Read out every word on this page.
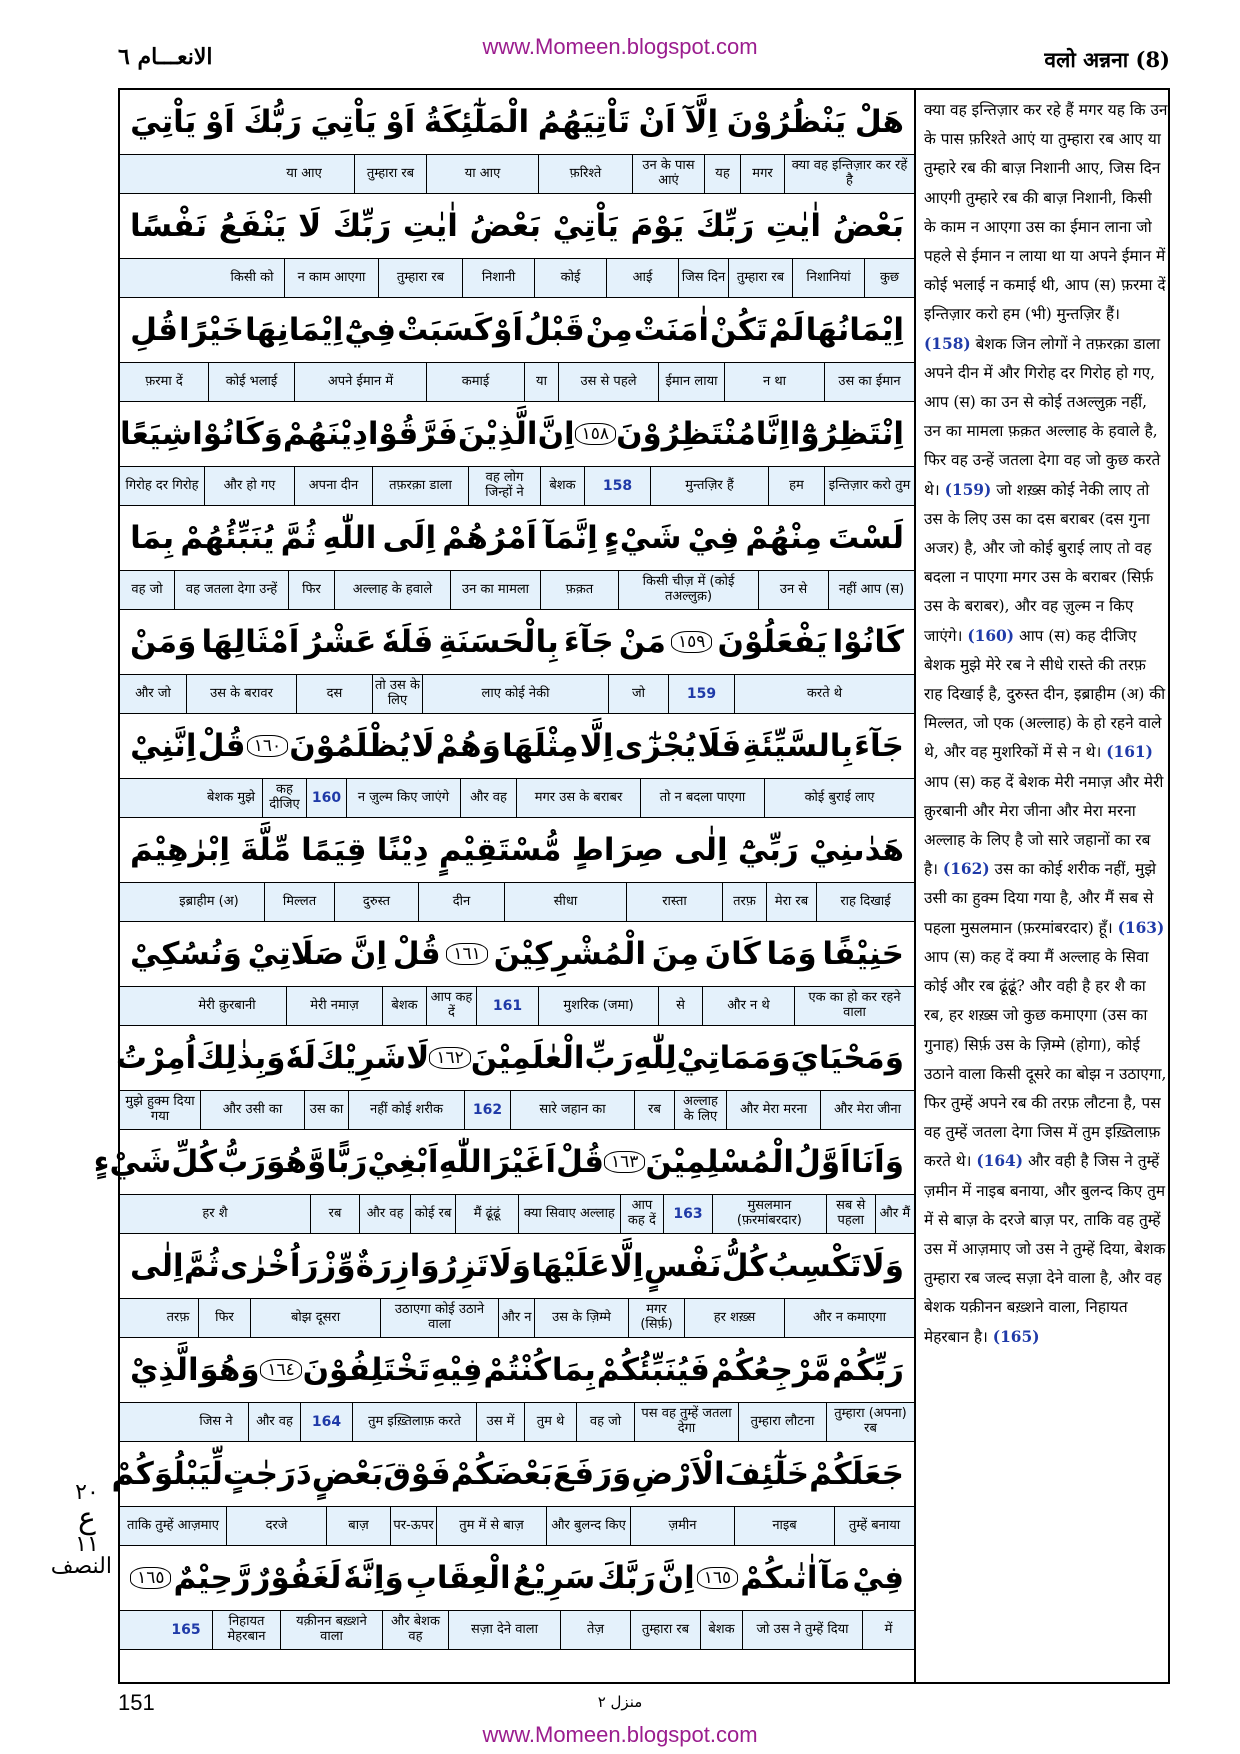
الانعـــام ٦	www.Momeen.blogspot.com
वलो अन्नना (8)
هَلْ
يَنْظُرُوْنَ
اِلَّآ
اَنْ
تَاْتِيَهُمُ
الْمَلٰٓئِكَةُ
اَوْ
يَاْتِيَ
رَبُّكَ
اَوْ
يَاْتِيَ
क्या वह इन्तिज़ार कर रहें है
मगर
यह
उन के पास आएं
फ़रिश्ते
या आए
तुम्हारा रब
या आए
بَعْضُ
اٰيٰتِ
رَبِّكَ
يَوْمَ
يَاْتِيْ
بَعْضُ
اٰيٰتِ
رَبِّكَ
لَا
يَنْفَعُ
نَفْسًا
कुछ
निशानियां
तुम्हारा रब
जिस दिन
आई
कोई
निशानी
तुम्हारा रब
न काम आएगा
किसी को
اِيْمَانُهَا
لَمْ
تَكُنْ
اٰمَنَتْ
مِنْ
قَبْلُ
اَوْ
كَسَبَتْ
فِيْٓ
اِيْمَانِهَا
خَيْرًا
قُلِ
उस का ईमान
न था
ईमान लाया
उस से पहले
या
कमाई
अपने ईमान में
कोई भलाई
फ़रमा दें
اِنْتَظِرُوْٓا
اِنَّا
مُنْتَظِرُوْنَ
١٥٨
اِنَّ
الَّذِيْنَ
فَرَّقُوْا
دِيْنَهُمْ
وَكَانُوْا
شِيَعًا
इन्तिज़ार करो तुम
हम
मुन्तज़िर हैं
158
बेशक
वह लोग जिन्हों ने
तफ़रक़ा डाला
अपना दीन
और हो गए
गिरोह दर गिरोह
لَسْتَ
مِنْهُمْ
فِيْ
شَيْءٍ
اِنَّمَآ
اَمْرُهُمْ
اِلَى
اللّٰهِ
ثُمَّ
يُنَبِّئُهُمْ
بِمَا
नहीं आप (स)
उन से
किसी चीज़ में (कोई तअल्लुक़)
फ़क़त
उन का मामला
अल्लाह के हवाले
फिर
वह जतला देगा उन्हें
वह जो
كَانُوْا
يَفْعَلُوْنَ
١٥٩
مَنْ
جَآءَ
بِالْحَسَنَةِ
فَلَهٗ
عَشْرُ
اَمْثَالِهَا
وَمَنْ
करते थे
159
जो
लाए कोई नेकी
तो उस के लिए
दस
उस के बरावर
और जो
جَآءَ
بِالسَّيِّئَةِ
فَلَا
يُجْزٰٓى
اِلَّا
مِثْلَهَا
وَهُمْ
لَا
يُظْلَمُوْنَ
١٦٠
قُلْ
اِنَّنِيْ
कोई बुराई लाए
तो न बदला पाएगा
मगर उस के बराबर
और वह
न ज़ुल्म किए जाएंगे
160
कह दीजिए
बेशक मुझे
هَدٰىنِيْ
رَبِّيْٓ
اِلٰى
صِرَاطٍ
مُّسْتَقِيْمٍ
دِيْنًا
قِيَمًا
مِّلَّةَ
اِبْرٰهِيْمَ
राह दिखाई
मेरा रब
तरफ़
रास्ता
सीधा
दीन
दुरुस्त
मिल्लत
इब्राहीम (अ)
حَنِيْفًا
وَمَا
كَانَ
مِنَ
الْمُشْرِكِيْنَ
١٦١
قُلْ
اِنَّ
صَلَاتِيْ
وَنُسُكِيْ
एक का हो कर रहने वाला
और न थे
से
मुशरिक (जमा)
161
आप कह दें
बेशक
मेरी नमाज़
मेरी क़ुरबानी
وَمَحْيَايَ
وَمَمَاتِيْ
لِلّٰهِ
رَبِّ
الْعٰلَمِيْنَ
١٦٢
لَا
شَرِيْكَ
لَهٗ
وَبِذٰلِكَ
اُمِرْتُ
और मेरा जीना
और मेरा मरना
अल्लाह के लिए
रब
सारे जहान का
162
नहीं कोई शरीक
उस का
और उसी का
मुझे हुक्म दिया गया
وَاَنَا
اَوَّلُ
الْمُسْلِمِيْنَ
١٦٣
قُلْ
اَغَيْرَ
اللّٰهِ
اَبْغِيْ
رَبًّا
وَّهُوَ
رَبُّ
كُلِّ
شَيْءٍ
और मैं
सब से पहला
मुसलमान (फ़रमांबरदार)
163
आप कह दें
क्या सिवाए अल्लाह
मैं ढूंढूं
कोई रब
और वह
रब
हर शै
وَلَا
تَكْسِبُ
كُلُّ
نَفْسٍ
اِلَّا
عَلَيْهَا
وَلَا
تَزِرُ
وَازِرَةٌ
وِّزْرَ
اُخْرٰى
ثُمَّ
اِلٰى
और न कमाएगा
हर शख़्स
मगर (सिर्फ़)
उस के ज़िम्मे
और न
उठाएगा कोई उठाने वाला
बोझ दूसरा
फिर
तरफ़
رَبِّكُمْ
مَّرْجِعُكُمْ
فَيُنَبِّئُكُمْ
بِمَا
كُنْتُمْ
فِيْهِ
تَخْتَلِفُوْنَ
١٦٤
وَهُوَ
الَّذِيْ
तुम्हारा (अपना) रब
तुम्हारा लौटना
पस वह तुम्हें जतला देगा
वह जो
तुम थे
उस में
तुम इख़्तिलाफ़ करते
164
और वह
जिस ने
جَعَلَكُمْ
خَلٰٓئِفَ
الْاَرْضِ
وَرَفَعَ
بَعْضَكُمْ
فَوْقَ
بَعْضٍ
دَرَجٰتٍ
لِّيَبْلُوَكُمْ
तुम्हें बनाया
नाइब
ज़मीन
और बुलन्द किए
तुम में से बाज़
पर-ऊपर
बाज़
दरजे
ताकि तुम्हें आज़माए
فِيْ
مَآ
اٰتٰىكُمْ
١٦٥
اِنَّ
رَبَّكَ
سَرِيْعُ
الْعِقَابِ
وَاِنَّهٗ
لَغَفُوْرٌ
رَّحِيْمٌ
١٦٥
में
जो उस ने तुम्हें दिया
बेशक
तुम्हारा रब
तेज़
सज़ा देने वाला
और बेशक वह
यक़ीनन बख़्शने वाला
निहायत मेहरबान
165

क्या वह इन्तिज़ार कर रहे हैं मगर यह कि उन के पास फ़रिश्ते आएं या तुम्हारा रब आए या तुम्हारे रब की बाज़ निशानी आए, जिस दिन आएगी तुम्हारे रब की बाज़ निशानी, किसी के काम न आएगा उस का ईमान लाना जो पहले से ईमान न लाया था या अपने ईमान में कोई भलाई न कमाई थी, आप (स) फ़रमा दें इन्तिज़ार करो हम (भी) मुन्तज़िर हैं। (158) बेशक जिन लोगों ने तफ़रक़ा डाला अपने दीन में और गिरोह दर गिरोह हो गए, आप (स) का उन से कोई तअल्लुक़ नहीं, उन का मामला फ़क़त अल्लाह के हवाले है, फिर वह उन्हें जतला देगा वह जो कुछ करते थे। (159) जो शख़्स कोई नेकी लाए तो उस के लिए उस का दस बराबर (दस गुना अजर) है, और जो कोई बुराई लाए तो वह बदला न पाएगा मगर उस के बराबर (सिर्फ़ उस के बराबर), और वह ज़ुल्म न किए जाएंगे। (160) आप (स) कह दीजिए बेशक मुझे मेरे रब ने सीधे रास्ते की तरफ़ राह दिखाई है, दुरुस्त दीन, इब्राहीम (अ) की मिल्लत, जो एक (अल्लाह) के हो रहने वाले थे, और वह मुशरिकों में से न थे। (161) आप (स) कह दें बेशक मेरी नमाज़ और मेरी क़ुरबानी और मेरा जीना और मेरा मरना अल्लाह के लिए है जो सारे जहानों का रब है। (162) उस का कोई शरीक नहीं, मुझे उसी का हुक्म दिया गया है, और मैं सब से पहला मुसलमान (फ़रमांबरदार) हूँ। (163) आप (स) कह दें क्या मैं अल्लाह के सिवा कोई और रब ढूंढूं? और वही है हर शै का रब, हर शख़्स जो कुछ कमाएगा (उस का गुनाह) सिर्फ़ उस के ज़िम्मे (होगा), कोई उठाने वाला किसी दूसरे का बोझ न उठाएगा, फिर तुम्हें अपने रब की तरफ़ लौटना है, पस वह तुम्हें जतला देगा जिस में तुम इख़्तिलाफ़ करते थे। (164) और वही है जिस ने तुम्हें ज़मीन में नाइब बनाया, और बुलन्द किए तुम में से बाज़ के दरजे बाज़ पर, ताकि वह तुम्हें उस में आज़माए जो उस ने तुम्हें दिया, बेशक तुम्हारा रब जल्द सज़ा देने वाला है, और वह बेशक यक़ीनन बख़्शने वाला, निहायत मेहरबान है। (165)

٢٠

ع
١١
النصف
151	منزل ٢
www.Momeen.blogspot.com
